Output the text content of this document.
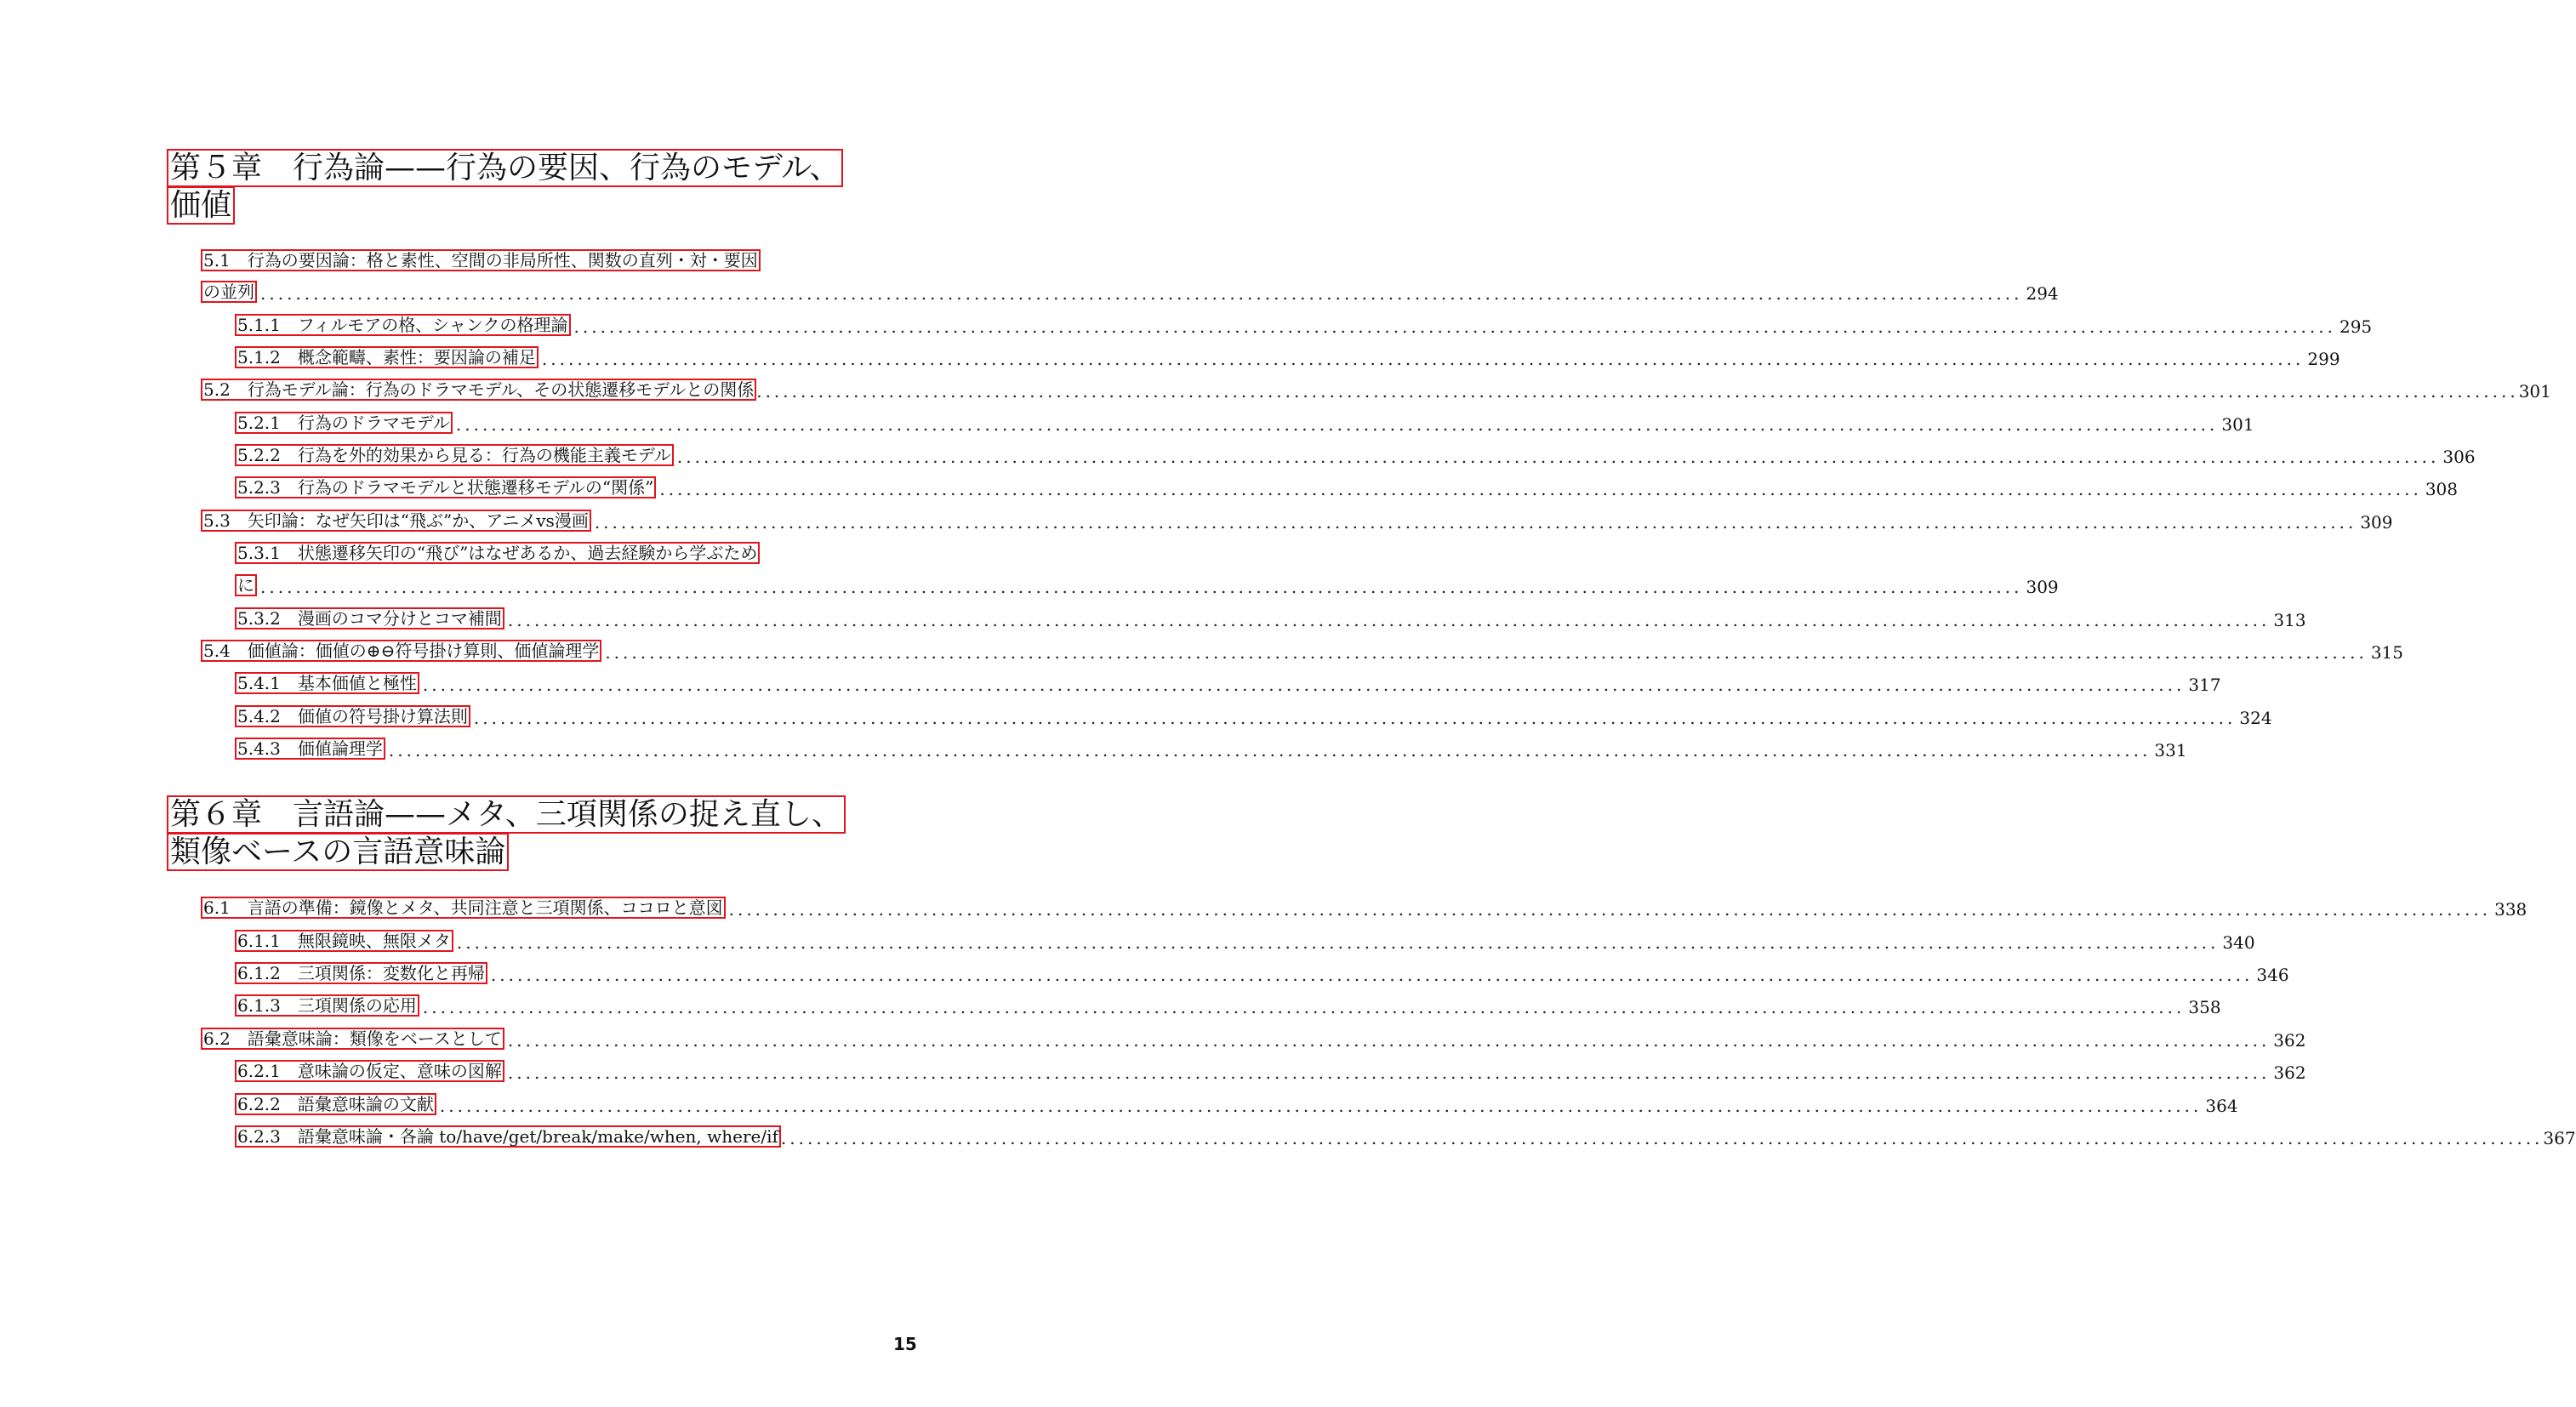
第５章　行為論——行為の要因、行為のモデル、
価値
5.1　行為の要因論：格と素性、空間の非局所性、関数の直列・対・要因
の並列 ........................................................................................................................................................................................................ 294
5.1.1　フィルモアの格、シャンクの格理論 ........................................................................................................................................................................................................ 295
5.1.2　概念範疇、素性：要因論の補足 ........................................................................................................................................................................................................ 299
5.2　行為モデル論：行為のドラマモデル、その状態遷移モデルとの関係 ........................................................................................................................................................................................................ 301
5.2.1　行為のドラマモデル ........................................................................................................................................................................................................ 301
5.2.2　行為を外的効果から見る：行為の機能主義モデル ........................................................................................................................................................................................................ 306
5.2.3　行為のドラマモデルと状態遷移モデルの“関係” ........................................................................................................................................................................................................ 308
5.3　矢印論：なぜ矢印は“飛ぶ”か、アニメvs漫画 ........................................................................................................................................................................................................ 309
5.3.1　状態遷移矢印の“飛び”はなぜあるか、過去経験から学ぶため
に ........................................................................................................................................................................................................ 309
5.3.2　漫画のコマ分けとコマ補間 ........................................................................................................................................................................................................ 313
5.4　価値論：価値の⊕⊖符号掛け算則、価値論理学 ........................................................................................................................................................................................................ 315
5.4.1　基本価値と極性 ........................................................................................................................................................................................................ 317
5.4.2　価値の符号掛け算法則 ........................................................................................................................................................................................................ 324
5.4.3　価値論理学 ........................................................................................................................................................................................................ 331
第６章　言語論——メタ、三項関係の捉え直し、
類像ベースの言語意味論
6.1　言語の準備：鏡像とメタ、共同注意と三項関係、ココロと意図 ........................................................................................................................................................................................................ 338
6.1.1　無限鏡映、無限メタ ........................................................................................................................................................................................................ 340
6.1.2　三項関係：変数化と再帰 ........................................................................................................................................................................................................ 346
6.1.3　三項関係の応用 ........................................................................................................................................................................................................ 358
6.2　語彙意味論：類像をベースとして ........................................................................................................................................................................................................ 362
6.2.1　意味論の仮定、意味の図解 ........................................................................................................................................................................................................ 362
6.2.2　語彙意味論の文献 ........................................................................................................................................................................................................ 364
6.2.3　語彙意味論・各論 to/have/get/break/make/when, where/if ........................................................................................................................................................................................................ 367
15
